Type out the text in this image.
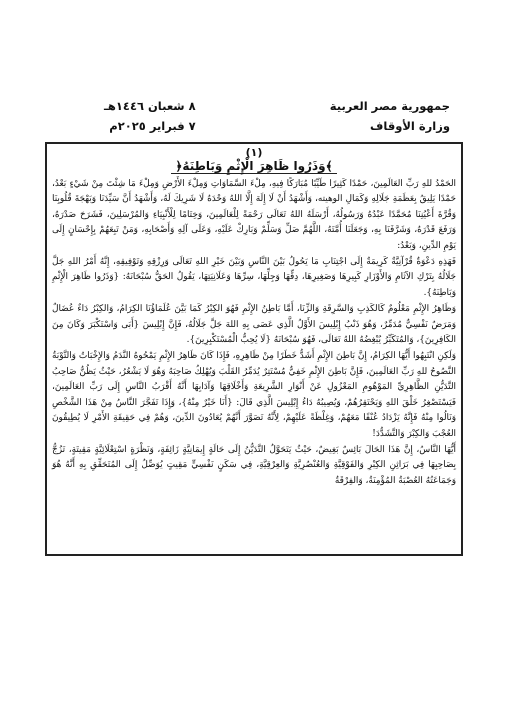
جمهورية مصر العربية
وزارة الأوقاف
٨ شعبان ١٤٤٦هـ
٧ فبراير ٢٠٢٥م
(١)
﴿وَذَرُوا ظَاهِرَ الْإِثْمِ وَبَاطِنَهُ﴾

الحَمْدُ للهِ رَبِّ العَالَمِينَ، حَمْدًا كَثِيرًا طَيِّبًا مُبَارَكًا فِيهِ، مِلْءَ السَّمَاوَاتِ وَمِلْءَ الأَرْضِ وَمِلْءَ مَا شِئْتَ مِنْ شَيْءٍ بَعْدُ، حَمْدًا يَلِيقُ بِعَظَمَةِ جَلَالِهِ وَكَمَالِ الوهيته، وَأَشْهَدُ أَنْ لَا إِلَهَ إِلَّا اللهُ وَحْدَهُ لَا شَرِيكَ لَهُ، وَأَشْهَدُ أَنَّ سَيِّدَنَا وَبَهْجَةَ قُلُوبِنَا وَقُرَّةَ أَعْيُنِنَا مُحَمَّدًا عَبْدُهُ وَرَسُولُهُ، أَرْسَلَهُ اللهُ تَعَالَى رَحْمَةً لِلْعَالَمِينَ، وَخِتَامًا لِلْأَنْبِيَاءِ وَالمُرْسَلِينَ، فَشَرَحَ صَدْرَهُ، وَرَفَعَ قَدْرَهُ، وَشَرَّفَنَا بِهِ، وَجَعَلَنَا أُمَّتَهُ، اللَّهُمَّ صَلِّ وَسَلِّمْ وَبَارِكْ عَلَيْهِ، وَعَلَى آلِهِ وَأَصْحَابِهِ، وَمَنْ تَبِعَهُمْ بِإِحْسَانٍ إِلَى يَوْمِ الدِّينِ، وَبَعْدُ:

فَهَذِهِ دَعْوَةٌ قُرْآنِيَّةٌ كَرِيمَةٌ إِلَى اجْتِنَابِ مَا يَحُولُ بَيْنَ النَّاسِ وَبَيْنَ خَيْرِ اللهِ تَعَالَى وَرِزْقِهِ وَتَوْفِيقِهِ، إِنَّهُ أَمْرُ اللهِ جَلَّ جَلَالُهُ بِتَرْكِ الآثَامِ وَالأَوْزَارِ كَبِيرِهَا وَصَغِيرِهَا، دِقِّهَا وَجِلِّهَا، سِرِّهَا وَعَلَانِيَتِهَا، يَقُولُ الحَقُّ سُبْحَانَهُ: {وَذَرُوا ظَاهِرَ الْإِثْمِ وَبَاطِنَهُ}.

وَظَاهِرُ الإِثْمِ مَعْلُومٌ كَالكَذِبِ وَالسَّرِقَةِ وَالزِّنَا، أَمَّا بَاطِنُ الإِثْمِ فَهُوَ الكِبْرُ كَمَا بَيَّنَ عُلَمَاؤُنَا الكِرَامُ، وَالكِبْرُ دَاءٌ عُضَالٌ وَمَرَضٌ نَفْسِيٌّ مُدَمِّرٌ، وَهُوَ ذَنْبُ إِبْلِيسَ الأَوَّلُ الَّذِي عَصَى بِهِ اللهَ جَلَّ جَلَالُهُ، فَإِنَّ إِبْلِيسَ {أَبَى وَاسْتَكْبَرَ وَكَانَ مِنَ الكَافِرِينَ}، وَالمُتَكَبِّرُ يُبْغِضُهُ اللهُ تَعَالَى، فَهُوَ سُبْحَانَهُ {لَا يُحِبُّ الْمُسْتَكْبِرِينَ}.

وَلَكِنِ انْتَبِهُوا أَيُّهَا الكِرَامُ، إِنَّ بَاطِنَ الإِثْمِ أَشَدُّ خَطَرًا مِنْ ظَاهِرِهِ، فَإِذَا كَانَ ظَاهِرُ الإِثْمِ يَمْحُوهُ النَّدَمُ وَالإِخْبَاتُ وَالتَّوْبَةُ النَّصُوحُ للهِ رَبِّ العَالَمِينَ، فَإِنَّ بَاطِنَ الإِثْمِ خَفِيٌّ مُسْتَتِرٌ يُدَمِّرُ القَلْبَ وَيُهْلِكُ صَاحِبَهُ وَهُوَ لَا يَشْعُرُ، حَيْثُ يَظُنُّ صَاحِبُ التَّدَيُّنِ الظَّاهِرِيِّ المَوْهُومِ المَعْزُولِ عَنْ أَنْوَارِ الشَّرِيعَةِ وَأَخْلَاقِهَا وَآدَابِهَا أَنَّهُ أَقْرَبُ النَّاسِ إِلَى رَبِّ العَالَمِينَ، فَيَسْتَصْغِرُ خَلْقَ اللهِ وَيَحْتَقِرُهُمْ، وَيُصِيبُهُ دَاءُ إِبْلِيسَ الَّذِي قَالَ: {أَنَا خَيْرٌ مِنْهُ}، وَإِذَا تَفَجَّرَ النَّاسُ مِنْ هَذَا الشَّخْصِ وَنَالُوا مِنْهُ فَإِنَّهُ يَزْدَادُ عُنْفًا مَعَهُمْ، وَغِلْظَةً عَلَيْهِمْ، لِأَنَّهُ تَصَوَّرَ أَنَّهُمْ يُعَادُونَ الدِّينَ، وَهُمْ فِي حَقِيقَةِ الأَمْرِ لَا يُطِيقُونَ العُجْبَ وَالكِبْرَ وَالتَّشَدُّدَ!

أَيُّهَا النَّاسُ، إِنَّ هَذَا الحَالَ بَائِسٌ بَغِيضٌ، حَيْثُ يَتَحَوَّلُ التَّدَيُّنُ إِلَى حَالَةٍ إِيمَانِيَّةٍ زَائِفَةٍ، وَنَظْرَةٍ اسْتِعْلَائِيَّةٍ مَقِيتَةٍ، تَزُجُّ بِصَاحِبِهَا فِي بَرَاثِنِ الكِبْرِ وَالفَوْقِيَّةِ وَالعُنْصُرِيَّةِ وَالعِرْقِيَّةِ، فِي سَكَنٍ نَفْسِيٍّ مَقِيتٍ يُوَصِّلُ إِلَى المُتَحَقِّقِ بِهِ أَنَّهُ هُوَ وَجَمَاعَتُهُ العُصْبَةُ المُؤْمِنَةُ، وَالفِرْقَةُ
